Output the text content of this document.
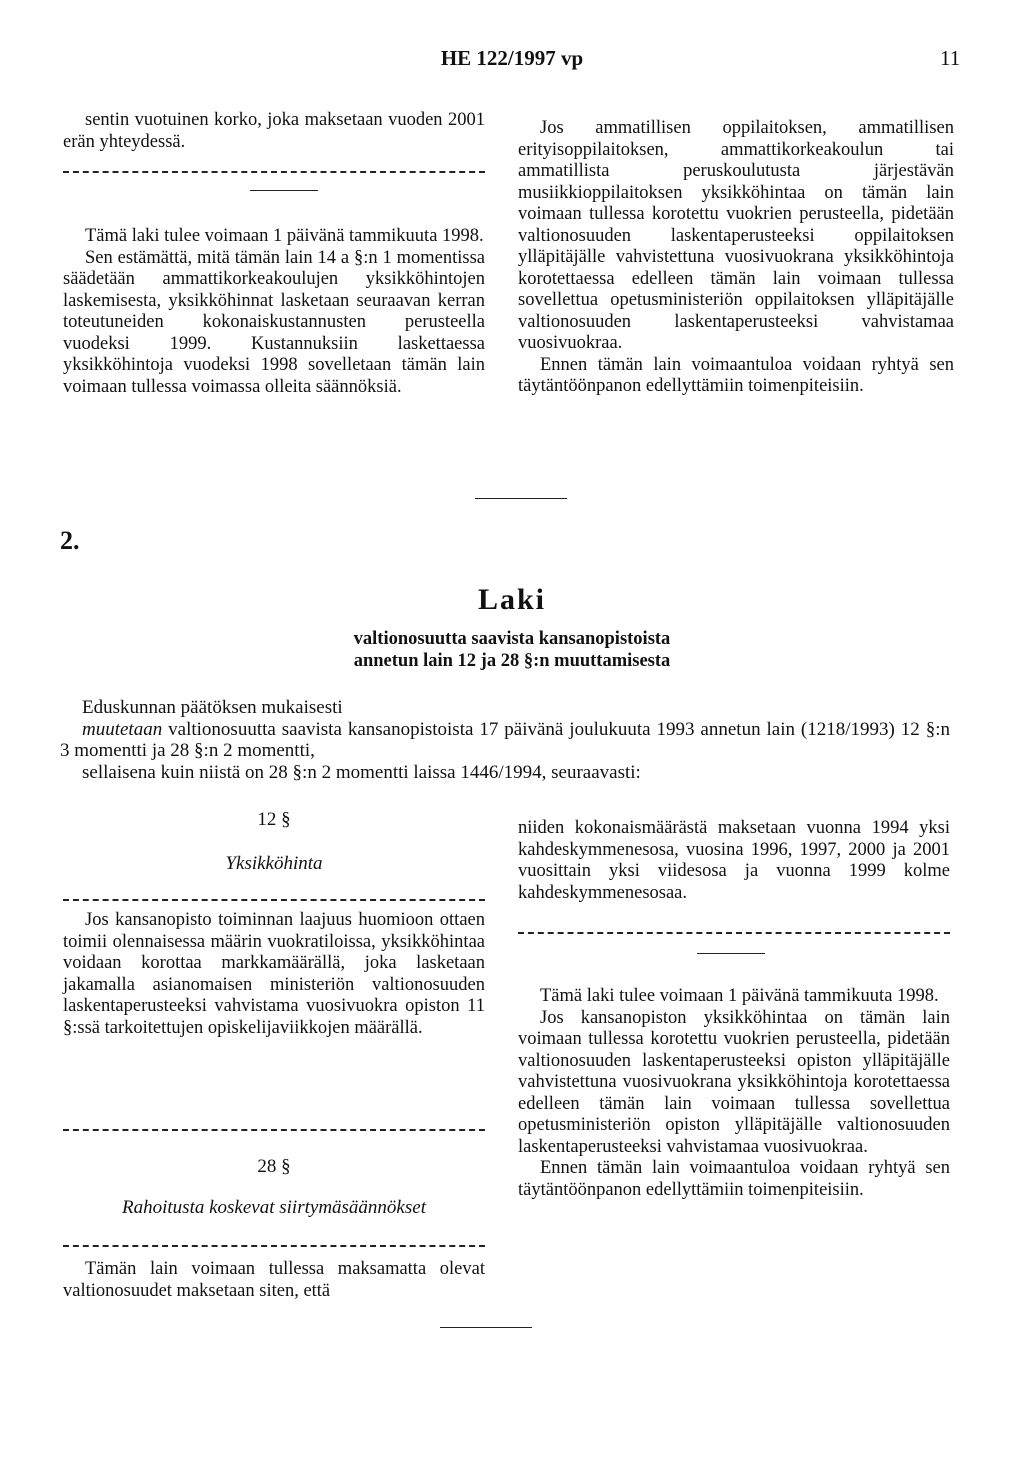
HE 122/1997 vp	11

sentin vuotuinen korko, joka maksetaan vuoden 2001 erän yhteydessä.

Tämä laki tulee voimaan 1 päivänä tammikuuta 1998.

Sen estämättä, mitä tämän lain 14 a §:n 1 momentissa säädetään ammattikorkeakoulujen yksikköhintojen laskemisesta, yksikköhinnat lasketaan seuraavan kerran toteutuneiden kokonaiskustannusten perusteella vuodeksi 1999. Kustannuksiin laskettaessa yksikköhintoja vuodeksi 1998 sovelletaan tämän lain voimaan tullessa voimassa olleita säännöksiä.

Jos ammatillisen oppilaitoksen, ammatillisen erityisoppilaitoksen, ammattikorkeakoulun tai ammatillista peruskoulutusta järjestävän musiikkioppilaitoksen yksikköhintaa on tämän lain voimaan tullessa korotettu vuokrien perusteella, pidetään valtionosuuden laskentaperusteeksi oppilaitoksen ylläpitäjälle vahvistettuna vuosivuokrana yksikköhintoja korotettaessa edelleen tämän lain voimaan tullessa sovellettua opetusministeriön oppilaitoksen ylläpitäjälle valtionosuuden laskentaperusteeksi vahvistamaa vuosivuokraa.

Ennen tämän lain voimaantuloa voidaan ryhtyä sen täytäntöönpanon edellyttämiin toimenpiteisiin.

2.
Laki
valtionosuutta saavista kansanopistoista
annetun lain 12 ja 28 §:n muuttamisesta

Eduskunnan päätöksen mukaisesti

muutetaan valtionosuutta saavista kansanopistoista 17 päivänä joulukuuta 1993 annetun lain (1218/1993) 12 §:n 3 momentti ja 28 §:n 2 momentti,

sellaisena kuin niistä on 28 §:n 2 momentti laissa 1446/1994, seuraavasti:

12 §
Yksikköhinta

Jos kansanopisto toiminnan laajuus huomioon ottaen toimii olennaisessa määrin vuokratiloissa, yksikköhintaa voidaan korottaa markkamäärällä, joka lasketaan jakamalla asianomaisen ministeriön valtionosuuden laskentaperusteeksi vahvistama vuosivuokra opiston 11 §:ssä tarkoitettujen opiskelijaviikkojen määrällä.

28 §
Rahoitusta koskevat siirtymäsäännökset

Tämän lain voimaan tullessa maksamatta olevat valtionosuudet maksetaan siten, että

niiden kokonaismäärästä maksetaan vuonna 1994 yksi kahdeskymmenesosa, vuosina 1996, 1997, 2000 ja 2001 vuosittain yksi viidesosa ja vuonna 1999 kolme kahdeskymmenesosaa.

Tämä laki tulee voimaan 1 päivänä tammikuuta 1998.

Jos kansanopiston yksikköhintaa on tämän lain voimaan tullessa korotettu vuokrien perusteella, pidetään valtionosuuden laskentaperusteeksi opiston ylläpitäjälle vahvistettuna vuosivuokrana yksikköhintoja korotettaessa edelleen tämän lain voimaan tullessa sovellettua opetusministeriön opiston ylläpitäjälle valtionosuuden laskentaperusteeksi vahvistamaa vuosivuokraa.

Ennen tämän lain voimaantuloa voidaan ryhtyä sen täytäntöönpanon edellyttämiin toimenpiteisiin.
